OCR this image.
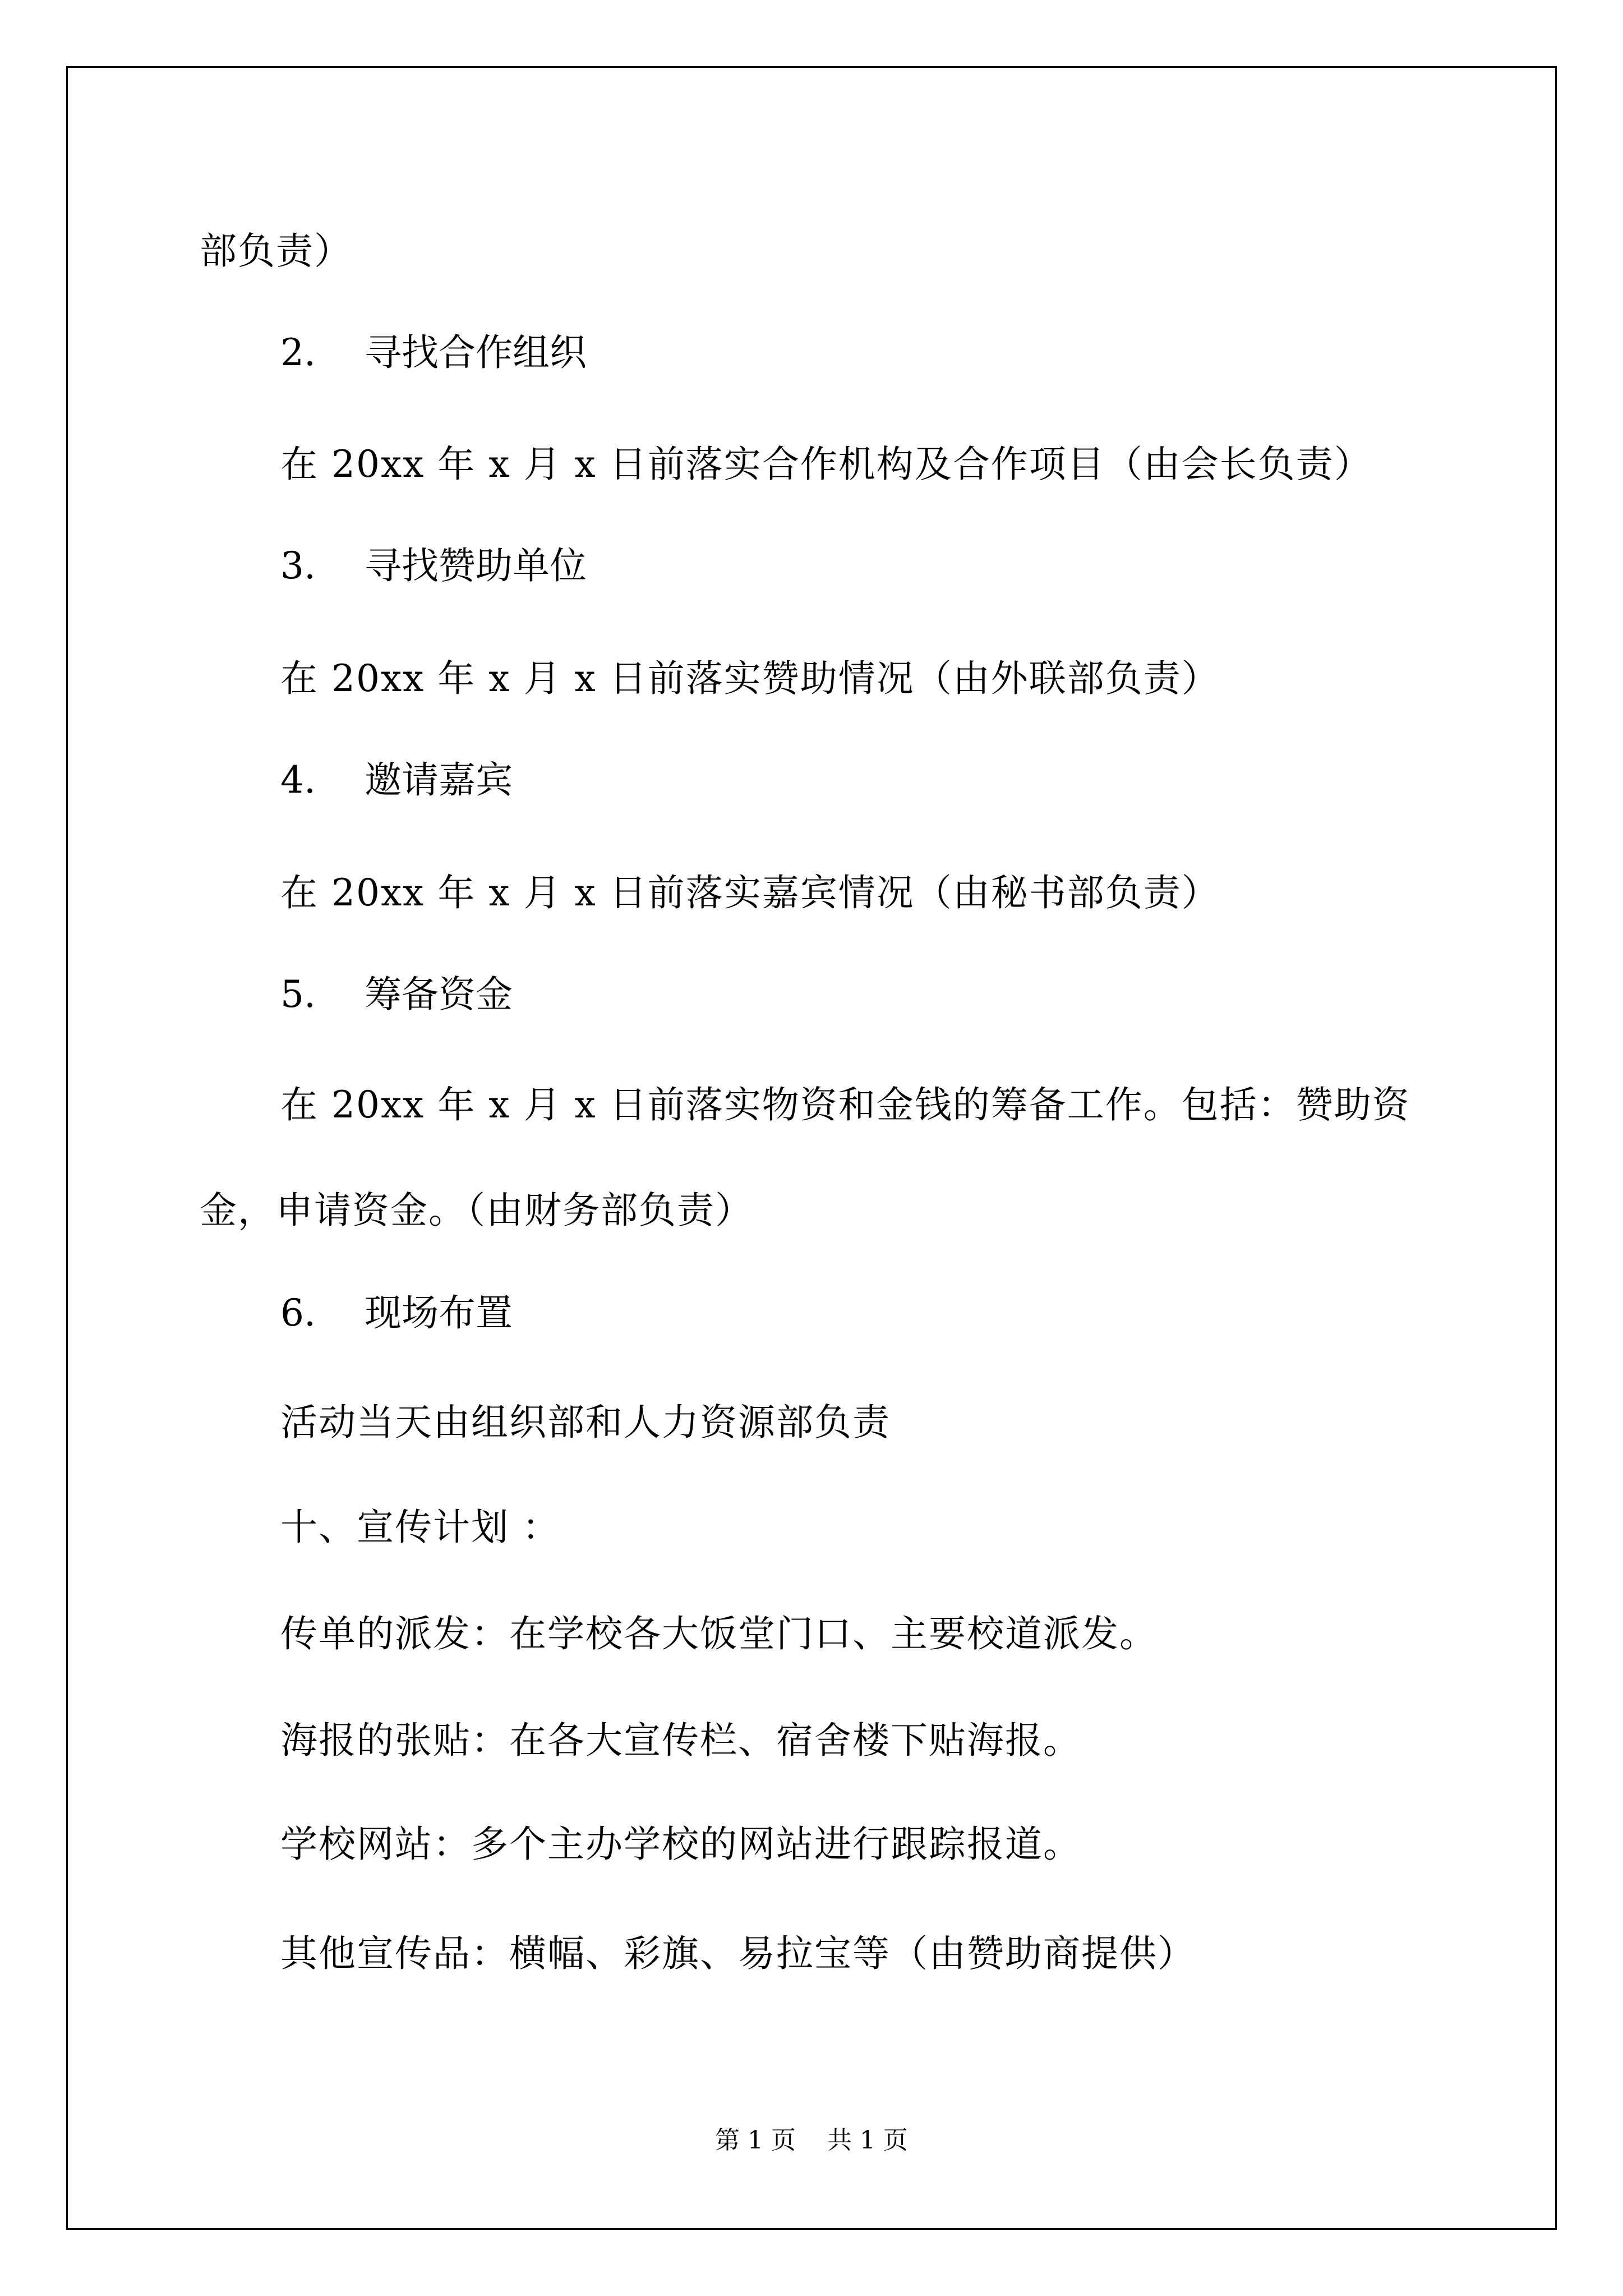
部负责）
2. 寻找合作组织
在 20xx 年 x 月 x 日前落实合作机构及合作项目（由会长负责）
3. 寻找赞助单位
在 20xx 年 x 月 x 日前落实赞助情况（由外联部负责）
4. 邀请嘉宾
在 20xx 年 x 月 x 日前落实嘉宾情况（由秘书部负责）
5. 筹备资金
在 20xx 年 x 月 x 日前落实物资和金钱的筹备工作。包括：赞助资
金，申请资金。（由财务部负责）
6. 现场布置
活动当天由组织部和人力资源部负责
十、宣传计划 ：
传单的派发：在学校各大饭堂门口、主要校道派发。
海报的张贴：在各大宣传栏、宿舍楼下贴海报。
学校网站：多个主办学校的网站进行跟踪报道。
其他宣传品：横幅、彩旗、易拉宝等（由赞助商提供）
第 1 页    共 1 页
